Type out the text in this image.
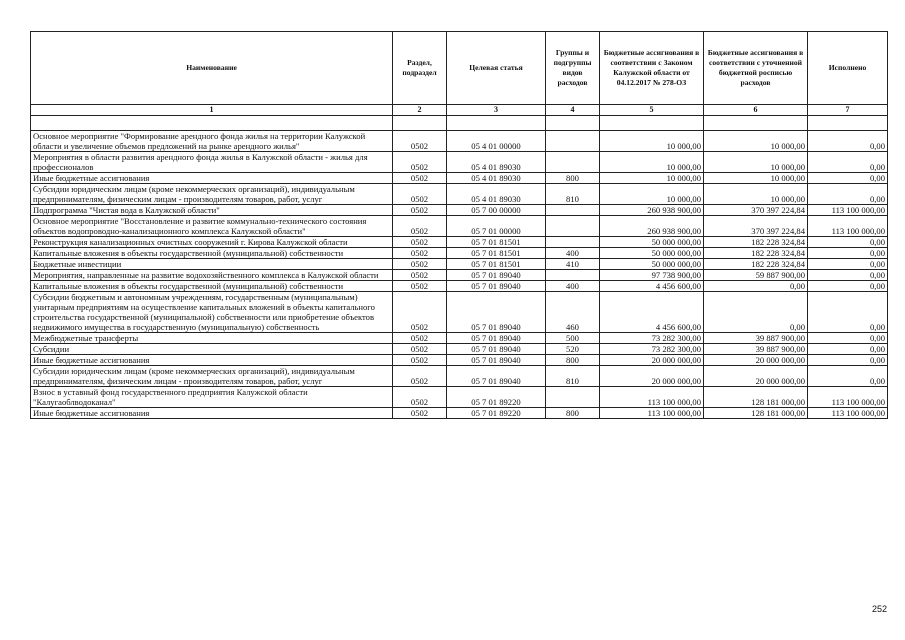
Наименование	Раздел, подраздел	Целевая статья	Группы и подгруппы видов расходов	Бюджетные ассигнования в соответствии с Законом Калужской области от 04.12.2017 № 278-ОЗ	Бюджетные ассигнования в соответствии с уточненной бюджетной росписью расходов	Исполнено
1	2	3	4	5	6	7

Основное мероприятие "Формирование арендного фонда жилья на территории Калужской области и увеличение объемов предложений на рынке арендного жилья"	0502	05 4 01 00000		10 000,00	10 000,00	0,00
Мероприятия в области развития арендного фонда жилья в Калужской области - жилья для профессионалов	0502	05 4 01 89030		10 000,00	10 000,00	0,00
Иные бюджетные ассигнования	0502	05 4 01 89030	800	10 000,00	10 000,00	0,00
Субсидии юридическим лицам (кроме некоммерческих организаций), индивидуальным предпринимателям, физическим лицам - производителям товаров, работ, услуг	0502	05 4 01 89030	810	10 000,00	10 000,00	0,00
Подпрограмма "Чистая вода в Калужской области"	0502	05 7 00 00000		260 938 900,00	370 397 224,84	113 100 000,00
Основное мероприятие "Восстановление и развитие коммунально-технического состояния объектов водопроводно-канализационного комплекса Калужской области"	0502	05 7 01 00000		260 938 900,00	370 397 224,84	113 100 000,00
Реконструкция канализационных очистных сооружений г. Кирова Калужской области	0502	05 7 01 81501		50 000 000,00	182 228 324,84	0,00
Капитальные вложения в объекты государственной (муниципальной) собственности	0502	05 7 01 81501	400	50 000 000,00	182 228 324,84	0,00
Бюджетные инвестиции	0502	05 7 01 81501	410	50 000 000,00	182 228 324,84	0,00
Мероприятия, направленные на развитие водохозяйственного комплекса в Калужской области	0502	05 7 01 89040		97 738 900,00	59 887 900,00	0,00
Капитальные вложения в объекты государственной (муниципальной) собственности	0502	05 7 01 89040	400	4 456 600,00	0,00	0,00
Субсидии бюджетным и автономным учреждениям, государственным (муниципальным) унитарным предприятиям на осуществление капитальных вложений в объекты капитального строительства государственной (муниципальной) собственности или приобретение объектов недвижимого имущества в государственную (муниципальную) собственность	0502	05 7 01 89040	460	4 456 600,00	0,00	0,00
Межбюджетные трансферты	0502	05 7 01 89040	500	73 282 300,00	39 887 900,00	0,00
Субсидии	0502	05 7 01 89040	520	73 282 300,00	39 887 900,00	0,00
Иные бюджетные ассигнования	0502	05 7 01 89040	800	20 000 000,00	20 000 000,00	0,00
Субсидии юридическим лицам (кроме некоммерческих организаций), индивидуальным предпринимателям, физическим лицам - производителям товаров, работ, услуг	0502	05 7 01 89040	810	20 000 000,00	20 000 000,00	0,00
Взнос в уставный фонд государственного предприятия Калужской области "Калугаоблводоканал"	0502	05 7 01 89220		113 100 000,00	128 181 000,00	113 100 000,00
Иные бюджетные ассигнования	0502	05 7 01 89220	800	113 100 000,00	128 181 000,00	113 100 000,00
252
